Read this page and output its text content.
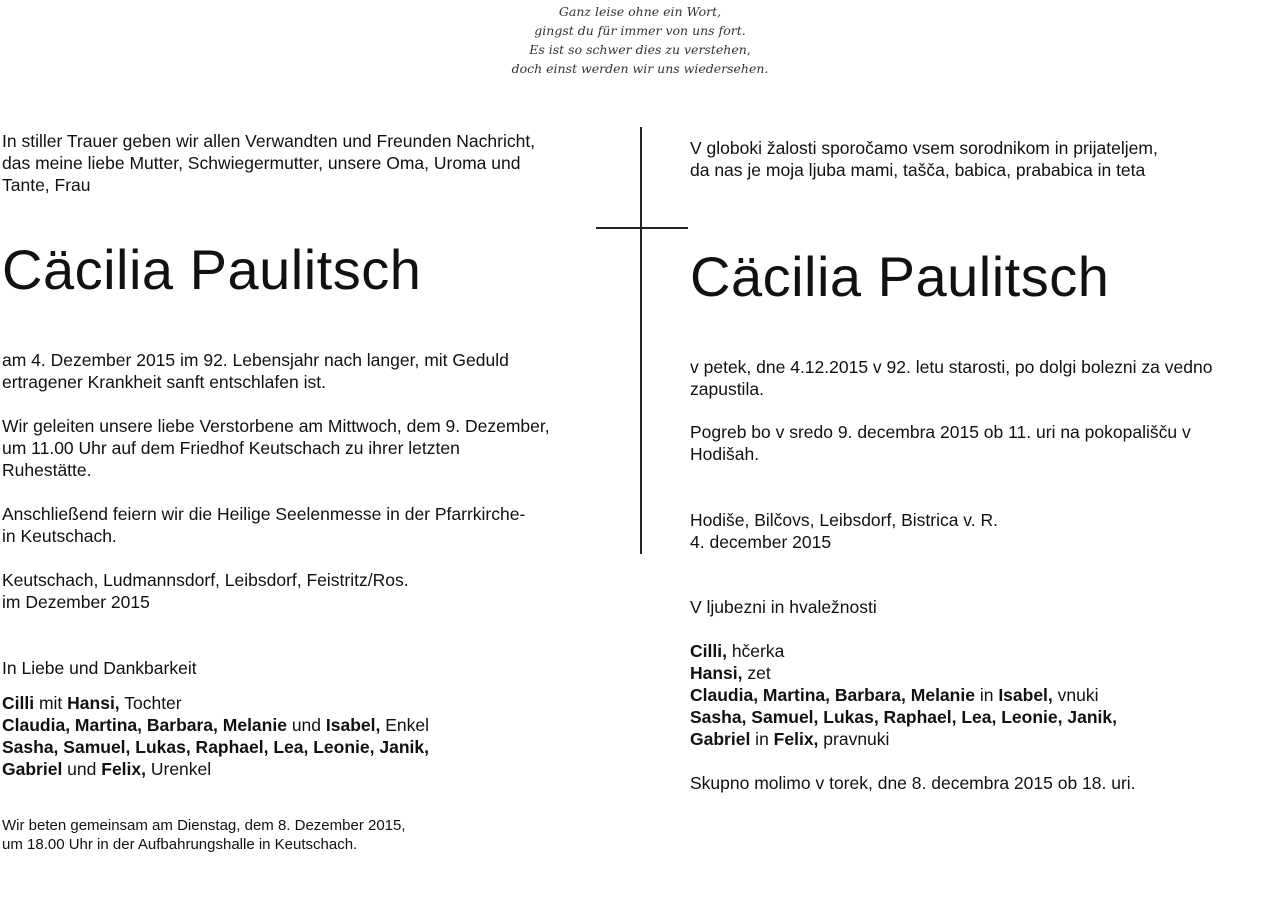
Ganz leise ohne ein Wort,
gingst du für immer von uns fort.
Es ist so schwer dies zu verstehen,
doch einst werden wir uns wiedersehen.
In stiller Trauer geben wir allen Verwandten und Freunden Nachricht,
das meine liebe Mutter, Schwiegermutter, unsere Oma, Uroma und
Tante, Frau
Cäcilia Paulitsch
am 4. Dezember 2015 im 92. Lebensjahr nach langer, mit Geduld
ertragener Krankheit sanft entschlafen ist.
Wir geleiten unsere liebe Verstorbene am Mittwoch, dem 9. Dezember,
um 11.00 Uhr auf dem Friedhof Keutschach zu ihrer letzten
Ruhestätte.
Anschließend feiern wir die Heilige Seelenmesse in der Pfarrkirche-
in Keutschach.
Keutschach, Ludmannsdorf, Leibsdorf, Feistritz/Ros.
im Dezember 2015
In Liebe und Dankbarkeit
Cilli mit Hansi, Tochter
Claudia, Martina, Barbara, Melanie und Isabel, Enkel
Sasha, Samuel, Lukas, Raphael, Lea, Leonie, Janik,
Gabriel und Felix, Urenkel
Wir beten gemeinsam am Dienstag, dem 8. Dezember 2015,
um 18.00 Uhr in der Aufbahrungshalle in Keutschach.
V globoki žalosti sporočamo vsem sorodnikom in prijateljem,
da nas je moja ljuba mami, tašča, babica, prababica in teta
Cäcilia Paulitsch
v petek, dne 4.12.2015 v 92. letu starosti, po dolgi bolezni za vedno
zapustila.
Pogreb bo v sredo 9. decembra 2015 ob 11. uri na pokopališču v
Hodišah.
Hodiše, Bilčovs, Leibsdorf, Bistrica v. R.
4. december 2015
V ljubezni in hvaležnosti
Cilli, hčerka
Hansi, zet
Claudia, Martina, Barbara, Melanie in Isabel, vnuki
Sasha, Samuel, Lukas, Raphael, Lea, Leonie, Janik,
Gabriel in Felix, pravnuki
Skupno molimo v torek, dne 8. decembra 2015 ob 18. uri.
